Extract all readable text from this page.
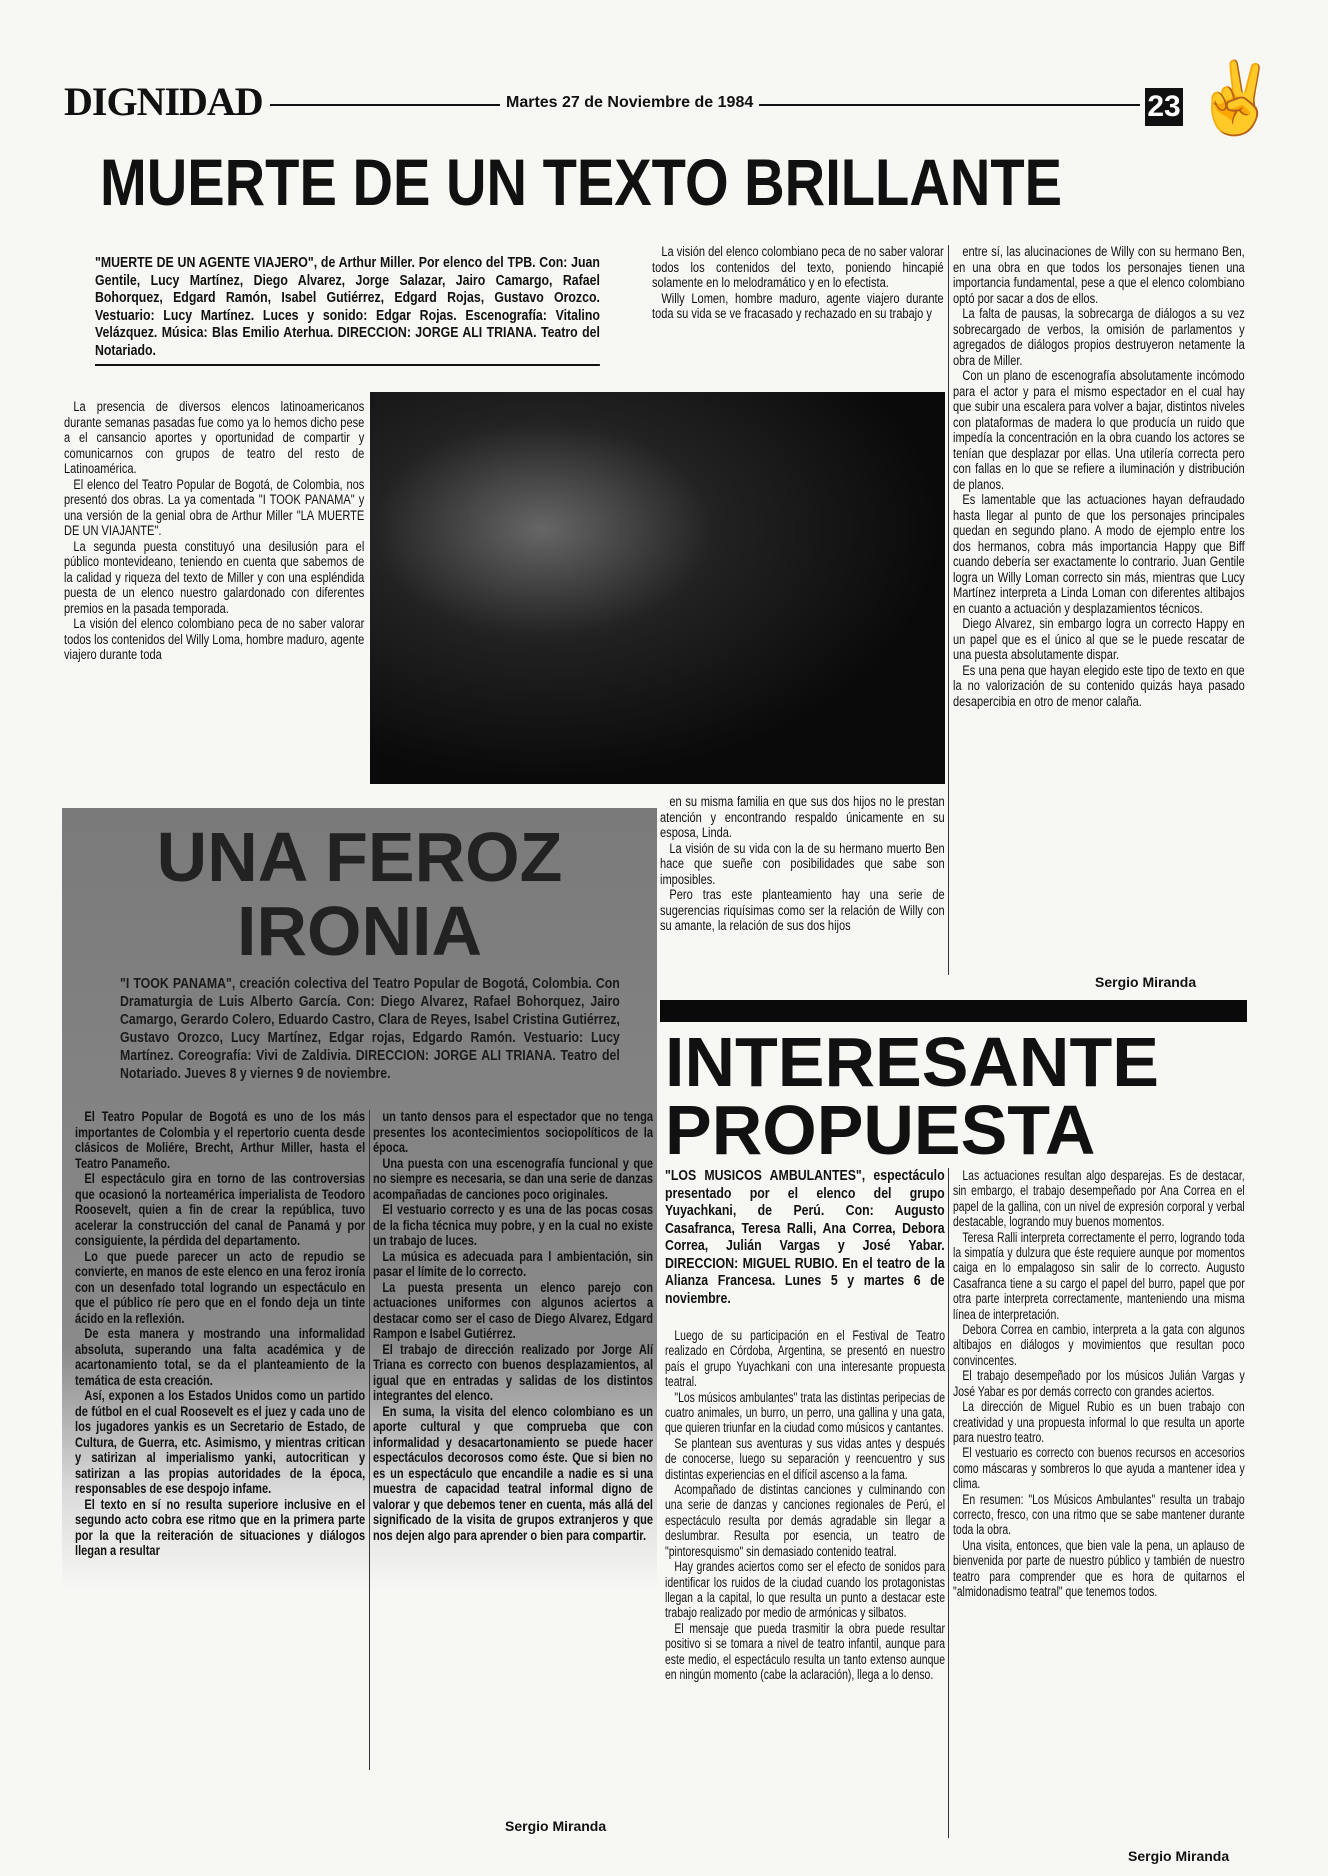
DIGNIDAD	Martes 27 de Noviembre de 1984	23 ✌
MUERTE DE UN TEXTO BRILLANTE
"MUERTE DE UN AGENTE VIAJERO", de Arthur Miller. Por elenco del TPB. Con: Juan Gentile, Lucy Martínez, Diego Alvarez, Jorge Salazar, Jairo Camargo, Rafael Bohorquez, Edgard Ramón, Isabel Gutiérrez, Edgard Rojas, Gustavo Orozco. Vestuario: Lucy Martínez. Luces y sonido: Edgar Rojas. Escenografía: Vitalino Velázquez. Música: Blas Emilio Aterhua. DIRECCION: JORGE ALI TRIANA. Teatro del Notariado.

La presencia de diversos elencos latinoamericanos durante semanas pasadas fue como ya lo hemos dicho pese a el cansancio aportes y oportunidad de compartir y comunicarnos con grupos de teatro del resto de Latinoamérica.

El elenco del Teatro Popular de Bogotá, de Colombia, nos presentó dos obras. La ya comentada "I TOOK PANAMA" y una versión de la genial obra de Arthur Miller "LA MUERTE DE UN VIAJANTE".

La segunda puesta constituyó una desilusión para el público montevideano, teniendo en cuenta que sabemos de la calidad y riqueza del texto de Miller y con una espléndida puesta de un elenco nuestro galardonado con diferentes premios en la pasada temporada.

La visión del elenco colombiano peca de no saber valorar todos los contenidos del Willy Loma, hombre maduro, agente viajero durante toda

La visión del elenco colombiano peca de no saber valorar todos los contenidos del texto, poniendo hincapié solamente en lo melodramático y en lo efectista.

Willy Lomen, hombre maduro, agente viajero durante toda su vida se ve fracasado y rechazado en su trabajo y

en su misma familia en que sus dos hijos no le prestan atención y encontrando respaldo únicamente en su esposa, Linda.

La visión de su vida con la de su hermano muerto Ben hace que sueñe con posibilidades que sabe son imposibles.

Pero tras este planteamiento hay una serie de sugerencias riquísimas como ser la relación de Willy con su amante, la relación de sus dos hijos

entre sí, las alucinaciones de Willy con su hermano Ben, en una obra en que todos los personajes tienen una importancia fundamental, pese a que el elenco colombiano optó por sacar a dos de ellos.

La falta de pausas, la sobrecarga de diálogos a su vez sobrecargado de verbos, la omisión de parlamentos y agregados de diálogos propios destruyeron netamente la obra de Miller.

Con un plano de escenografía absolutamente incómodo para el actor y para el mismo espectador en el cual hay que subir una escalera para volver a bajar, distintos niveles con plataformas de madera lo que producía un ruido que impedía la concentración en la obra cuando los actores se tenían que desplazar por ellas. Una utilería correcta pero con fallas en lo que se refiere a iluminación y distribución de planos.

Es lamentable que las actuaciones hayan defraudado hasta llegar al punto de que los personajes principales quedan en segundo plano. A modo de ejemplo entre los dos hermanos, cobra más importancia Happy que Biff cuando debería ser exactamente lo contrario. Juan Gentile logra un Willy Loman correcto sin más, mientras que Lucy Martínez interpreta a Linda Loman con diferentes altibajos en cuanto a actuación y desplazamientos técnicos.

Diego Alvarez, sin embargo logra un correcto Happy en un papel que es el único al que se le puede rescatar de una puesta absolutamente dispar.

Es una pena que hayan elegido este tipo de texto en que la no valorización de su contenido quizás haya pasado desapercibia en otro de menor calaña.

Sergio Miranda
UNA FEROZ IRONIA
"I TOOK PANAMA", creación colectiva del Teatro Popular de Bogotá, Colombia. Con Dramaturgia de Luis Alberto García. Con: Diego Alvarez, Rafael Bohorquez, Jairo Camargo, Gerardo Colero, Eduardo Castro, Clara de Reyes, Isabel Cristina Gutiérrez, Gustavo Orozco, Lucy Martínez, Edgar rojas, Edgardo Ramón. Vestuario: Lucy Martínez. Coreografía: Vivi de Zaldivia. DIRECCION: JORGE ALI TRIANA. Teatro del Notariado. Jueves 8 y viernes 9 de noviembre.

El Teatro Popular de Bogotá es uno de los más importantes de Colombia y el repertorio cuenta desde clásicos de Moliére, Brecht, Arthur Miller, hasta el Teatro Panameño.

El espectáculo gira en torno de las controversias que ocasionó la norteamérica imperialista de Teodoro Roosevelt, quien a fin de crear la república, tuvo acelerar la construcción del canal de Panamá y por consiguiente, la pérdida del departamento.

Lo que puede parecer un acto de repudio se convierte, en manos de este elenco en una feroz ironía con un desenfado total logrando un espectáculo en que el público ríe pero que en el fondo deja un tinte ácido en la reflexión.

De esta manera y mostrando una informalidad absoluta, superando una falta académica y de acartonamiento total, se da el planteamiento de la temática de esta creación.

Así, exponen a los Estados Unidos como un partido de fútbol en el cual Roosevelt es el juez y cada uno de los jugadores yankis es un Secretario de Estado, de Cultura, de Guerra, etc. Asimismo, y mientras critican y satirizan al imperialismo yanki, autocritican y satirizan a las propias autoridades de la época, responsables de ese despojo infame.

El texto en sí no resulta superiore inclusive en el segundo acto cobra ese ritmo que en la primera parte por la que la reiteración de situaciones y diálogos llegan a resultar

un tanto densos para el espectador que no tenga presentes los acontecimientos sociopolíticos de la época.

Una puesta con una escenografía funcional y que no siempre es necesaria, se dan una serie de danzas acompañadas de canciones poco originales.

El vestuario correcto y es una de las pocas cosas de la ficha técnica muy pobre, y en la cual no existe un trabajo de luces.

La música es adecuada para l ambientación, sin pasar el límite de lo correcto.

La puesta presenta un elenco parejo con actuaciones uniformes con algunos aciertos a destacar como ser el caso de Diego Alvarez, Edgard Rampon e Isabel Gutiérrez.

El trabajo de dirección realizado por Jorge Alí Triana es correcto con buenos desplazamientos, al igual que en entradas y salidas de los distintos integrantes del elenco.

En suma, la visita del elenco colombiano es un aporte cultural y que comprueba que con informalidad y desacartonamiento se puede hacer espectáculos decorosos como éste. Que si bien no es un espectáculo que encandile a nadie es si una muestra de capacidad teatral informal digno de valorar y que debemos tener en cuenta, más allá del significado de la visita de grupos extranjeros y que nos dejen algo para aprender o bien para compartir.

Sergio Miranda
INTERESANTE
PROPUESTA
"LOS MUSICOS AMBULANTES", espectáculo presentado por el elenco del grupo Yuyachkani, de Perú. Con: Augusto Casafranca, Teresa Ralli, Ana Correa, Debora Correa, Julián Vargas y José Yabar. DIRECCION: MIGUEL RUBIO. En el teatro de la Alianza Francesa. Lunes 5 y martes 6 de noviembre.

Luego de su participación en el Festival de Teatro realizado en Córdoba, Argentina, se presentó en nuestro país el grupo Yuyachkani con una interesante propuesta teatral.

"Los músicos ambulantes" trata las distintas peripecias de cuatro animales, un burro, un perro, una gallina y una gata, que quieren triunfar en la ciudad como músicos y cantantes.

Se plantean sus aventuras y sus vidas antes y después de conocerse, luego su separación y reencuentro y sus distintas experiencias en el difícil ascenso a la fama.

Acompañado de distintas canciones y culminando con una serie de danzas y canciones regionales de Perú, el espectáculo resulta por demás agradable sin llegar a deslumbrar. Resulta por esencia, un teatro de "pintoresquismo" sin demasiado contenido teatral.

Hay grandes aciertos como ser el efecto de sonidos para identificar los ruidos de la ciudad cuando los protagonistas llegan a la capital, lo que resulta un punto a destacar este trabajo realizado por medio de armónicas y silbatos.

El mensaje que pueda trasmitir la obra puede resultar positivo si se tomara a nivel de teatro infantil, aunque para este medio, el espectáculo resulta un tanto extenso aunque en ningún momento (cabe la aclaración), llega a lo denso.

Las actuaciones resultan algo desparejas. Es de destacar, sin embargo, el trabajo desempeñado por Ana Correa en el papel de la gallina, con un nivel de expresión corporal y verbal destacable, logrando muy buenos momentos.

Teresa Ralli interpreta correctamente el perro, logrando toda la simpatía y dulzura que éste requiere aunque por momentos caiga en lo empalagoso sin salir de lo correcto. Augusto Casafranca tiene a su cargo el papel del burro, papel que por otra parte interpreta correctamente, manteniendo una misma línea de interpretación.

Debora Correa en cambio, interpreta a la gata con algunos altibajos en diálogos y movimientos que resultan poco convincentes.

El trabajo desempeñado por los músicos Julián Vargas y José Yabar es por demás correcto con grandes aciertos.

La dirección de Miguel Rubio es un buen trabajo con creatividad y una propuesta informal lo que resulta un aporte para nuestro teatro.

El vestuario es correcto con buenos recursos en accesorios como máscaras y sombreros lo que ayuda a mantener idea y clima.

En resumen: "Los Músicos Ambulantes" resulta un trabajo correcto, fresco, con una ritmo que se sabe mantener durante toda la obra.

Una visita, entonces, que bien vale la pena, un aplauso de bienvenida por parte de nuestro público y también de nuestro teatro para comprender que es hora de quitarnos el "almidonadismo teatral" que tenemos todos.

Sergio Miranda
